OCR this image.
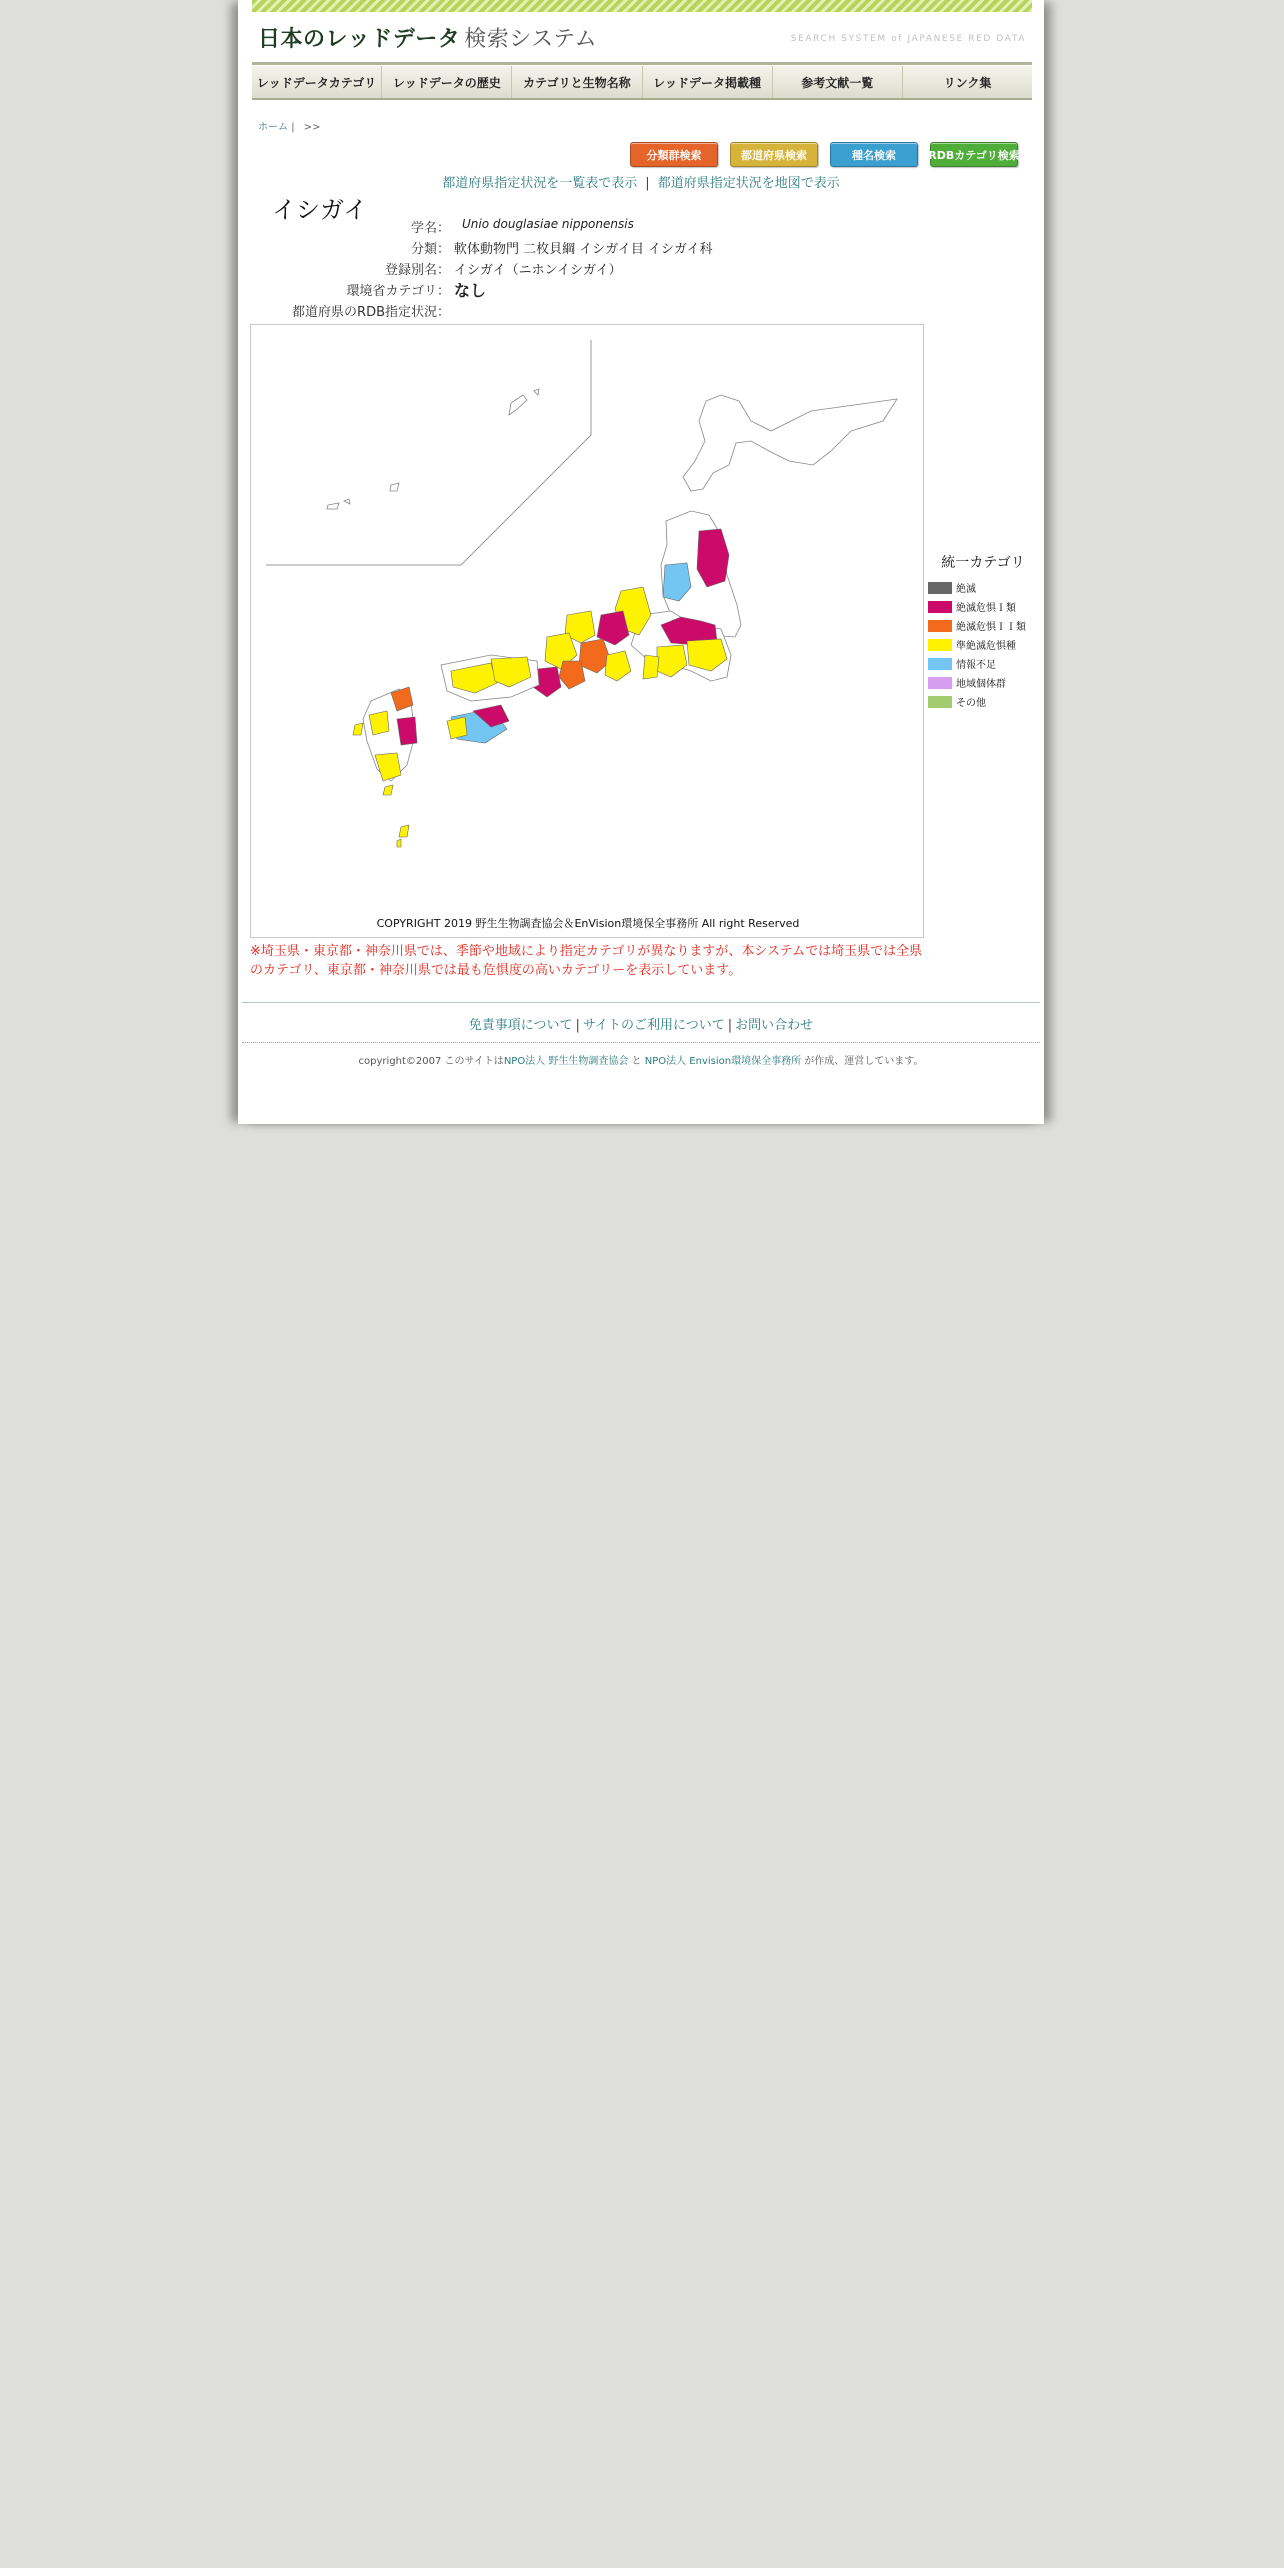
日本のレッドデータ 検索システム	SEARCH SYSTEM of JAPANESE RED DATA
レッドデータカテゴリ	レッドデータの歴史	カテゴリと生物名称	レッドデータ掲載種	参考文献一覧	リンク集
ホーム | >>
分類群検索	都道府県検索	種名検索	RDBカテゴリ検索
都道府県指定状況を一覧表で表示 | 都道府県指定状況を地図で表示
イシガイ
学名： Unio douglasiae nipponensis
分類： 軟体動物門 二枚貝綱 イシガイ目 イシガイ科
登録別名： イシガイ（ニホンイシガイ）
環境省カテゴリ： なし
都道府県のRDB指定状況：
COPYRIGHT 2019 野生生物調査協会＆EnVision環境保全事務所 All right Reserved
統一カテゴリ
絶滅
絶滅危惧Ｉ類
絶滅危惧ＩＩ類
準絶滅危惧種
情報不足
地域個体群
その他
※埼玉県・東京都・神奈川県では、季節や地域により指定カテゴリが異なりますが、本システムでは埼玉県では全県のカテゴリ、東京都・神奈川県では最も危惧度の高いカテゴリーを表示しています。
免責事項について | サイトのご利用について | お問い合わせ
copyright©2007 このサイトはNPO法人 野生生物調査協会 と NPO法人 Envision環境保全事務所 が作成、運営しています。
